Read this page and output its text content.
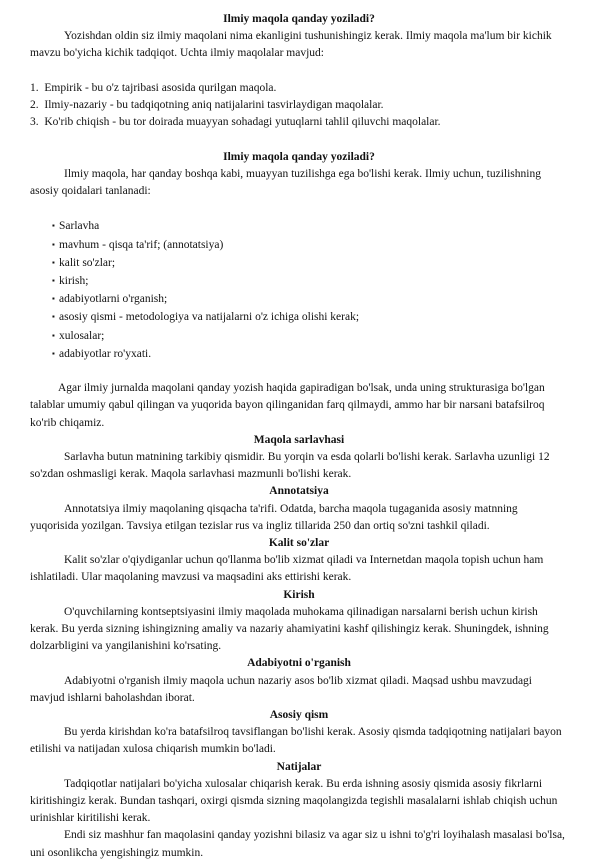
Ilmiy maqola qanday yoziladi?

Yozishdan oldin siz ilmiy maqolani nima ekanligini tushunishingiz kerak. Ilmiy maqola ma'lum bir kichik mavzu bo'yicha kichik tadqiqot. Uchta ilmiy maqolalar mavjud:

1.  Empirik - bu o'z tajribasi asosida qurilgan maqola.
2.  Ilmiy-nazariy - bu tadqiqotning aniq natijalarini tasvirlaydigan maqolalar.
3.  Ko'rib chiqish - bu tor doirada muayyan sohadagi yutuqlarni tahlil qiluvchi maqolalar.
Ilmiy maqola qanday yoziladi?

Ilmiy maqola, har qanday boshqa kabi, muayyan tuzilishga ega bo'lishi kerak. Ilmiy uchun, tuzilishning asosiy qoidalari tanlanadi:

▪ Sarlavha
▪ mavhum - qisqa ta'rif; (annotatsiya)
▪ kalit so'zlar;
▪ kirish;
▪ adabiyotlarni o'rganish;
▪ asosiy qismi - metodologiya va natijalarni o'z ichiga olishi kerak;
▪ xulosalar;
▪ adabiyotlar ro'yxati.

Agar ilmiy jurnalda maqolani qanday yozish haqida gapiradigan bo'lsak, unda uning strukturasiga bo'lgan talablar umumiy qabul qilingan va yuqorida bayon qilinganidan farq qilmaydi, ammo har bir narsani batafsilroq ko'rib chiqamiz.

Maqola sarlavhasi

Sarlavha butun matnining tarkibiy qismidir. Bu yorqin va esda qolarli bo'lishi kerak. Sarlavha uzunligi 12 so'zdan oshmasligi kerak. Maqola sarlavhasi mazmunli bo'lishi kerak.

Annotatsiya

Annotatsiya ilmiy maqolaning qisqacha ta'rifi. Odatda, barcha maqola tugaganida asosiy matnning yuqorisida yozilgan. Tavsiya etilgan tezislar rus va ingliz tillarida 250 dan ortiq so'zni tashkil qiladi.

Kalit so'zlar

Kalit so'zlar o'qiydiganlar uchun qo'llanma bo'lib xizmat qiladi va Internetdan maqola topish uchun ham ishlatiladi. Ular maqolaning mavzusi va maqsadini aks ettirishi kerak.

Kirish

O'quvchilarning kontseptsiyasini ilmiy maqolada muhokama qilinadigan narsalarni berish uchun kirish kerak. Bu yerda sizning ishingizning amaliy va nazariy ahamiyatini kashf qilishingiz kerak. Shuningdek, ishning dolzarbligini va yangilanishini ko'rsating.

Adabiyotni o'rganish

Adabiyotni o'rganish ilmiy maqola uchun nazariy asos bo'lib xizmat qiladi. Maqsad ushbu mavzudagi mavjud ishlarni baholashdan iborat.

Asosiy qism

Bu yerda kirishdan ko'ra batafsilroq tavsiflangan bo'lishi kerak. Asosiy qismda tadqiqotning natijalari bayon etilishi va natijadan xulosa chiqarish mumkin bo'ladi.

Natijalar

Tadqiqotlar natijalari bo'yicha xulosalar chiqarish kerak. Bu erda ishning asosiy qismida asosiy fikrlarni kiritishingiz kerak. Bundan tashqari, oxirgi qismda sizning maqolangizda tegishli masalalarni ishlab chiqish uchun urinishlar kiritilishi kerak.

Endi siz mashhur fan maqolasini qanday yozishni bilasiz va agar siz u ishni to'g'ri loyihalash masalasi bo'lsa, uni osonlikcha yengishingiz mumkin.
